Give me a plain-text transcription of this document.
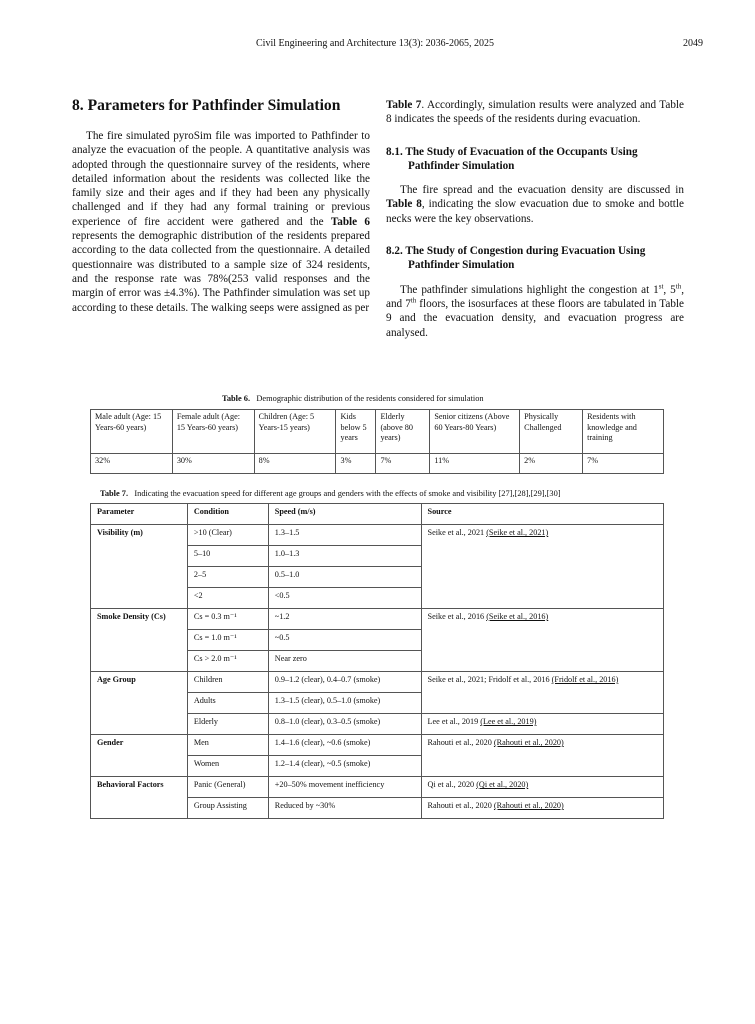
Civil Engineering and Architecture 13(3): 2036-2065, 2025	2049
8. Parameters for Pathfinder Simulation

The fire simulated pyroSim file was imported to Pathfinder to analyze the evacuation of the people. A quantitative analysis was adopted through the questionnaire survey of the residents, where detailed information about the residents was collected like the family size and their ages and if they had been any physically challenged and if they had any formal training or previous experience of fire accident were gathered and the Table 6 represents the demographic distribution of the residents prepared according to the data collected from the questionnaire. A detailed questionnaire was distributed to a sample size of 324 residents, and the response rate was 78%(253 valid responses and the margin of error was ±4.3%). The Pathfinder simulation was set up according to these details. The walking seeps were assigned as per

Table 7. Accordingly, simulation results were analyzed and Table 8 indicates the speeds of the residents during evacuation.

8.1. The Study of Evacuation of the Occupants Using Pathfinder Simulation

The fire spread and the evacuation density are discussed in Table 8, indicating the slow evacuation due to smoke and bottle necks were the key observations.

8.2. The Study of Congestion during Evacuation Using Pathfinder Simulation

The pathfinder simulations highlight the congestion at 1st, 5th, and 7th floors, the isosurfaces at these floors are tabulated in Table 9 and the evacuation density, and evacuation progress are analysed.

Table 6. Demographic distribution of the residents considered for simulation
Male adult (Age: 15 Years-60 years)	Female adult (Age: 15 Years-60 years)	Children (Age: 5 Years-15 years)	Kids below 5 years	Elderly (above 80 years)	Senior citizens (Above 60 Years-80 Years)	Physically Challenged	Residents with knowledge and training
32%	30%	8%	3%	7%	11%	2%	7%
Table 7. Indicating the evacuation speed for different age groups and genders with the effects of smoke and visibility [27],[28],[29],[30]
Parameter	Condition	Speed (m/s)	Source
Visibility (m)	>10 (Clear)	1.3–1.5	Seike et al., 2021 (Seike et al., 2021)
	5–10	1.0–1.3	
	2–5	0.5–1.0	
	<2	<0.5	
Smoke Density (Cs)	Cs = 0.3 m⁻¹	~1.2	Seike et al., 2016 (Seike et al., 2016)
	Cs = 1.0 m⁻¹	~0.5	
	Cs > 2.0 m⁻¹	Near zero	
Age Group	Children	0.9–1.2 (clear), 0.4–0.7 (smoke)	Seike et al., 2021; Fridolf et al., 2016 (Fridolf et al., 2016)
	Adults	1.3–1.5 (clear), 0.5–1.0 (smoke)	
	Elderly	0.8–1.0 (clear), 0.3–0.5 (smoke)	Lee et al., 2019 (Lee et al., 2019)
Gender	Men	1.4–1.6 (clear), ~0.6 (smoke)	Rahouti et al., 2020 (Rahouti et al., 2020)
	Women	1.2–1.4 (clear), ~0.5 (smoke)	
Behavioral Factors	Panic (General)	+20–50% movement inefficiency	Qi et al., 2020 (Qi et al., 2020)
	Group Assisting	Reduced by ~30%	Rahouti et al., 2020 (Rahouti et al., 2020)
